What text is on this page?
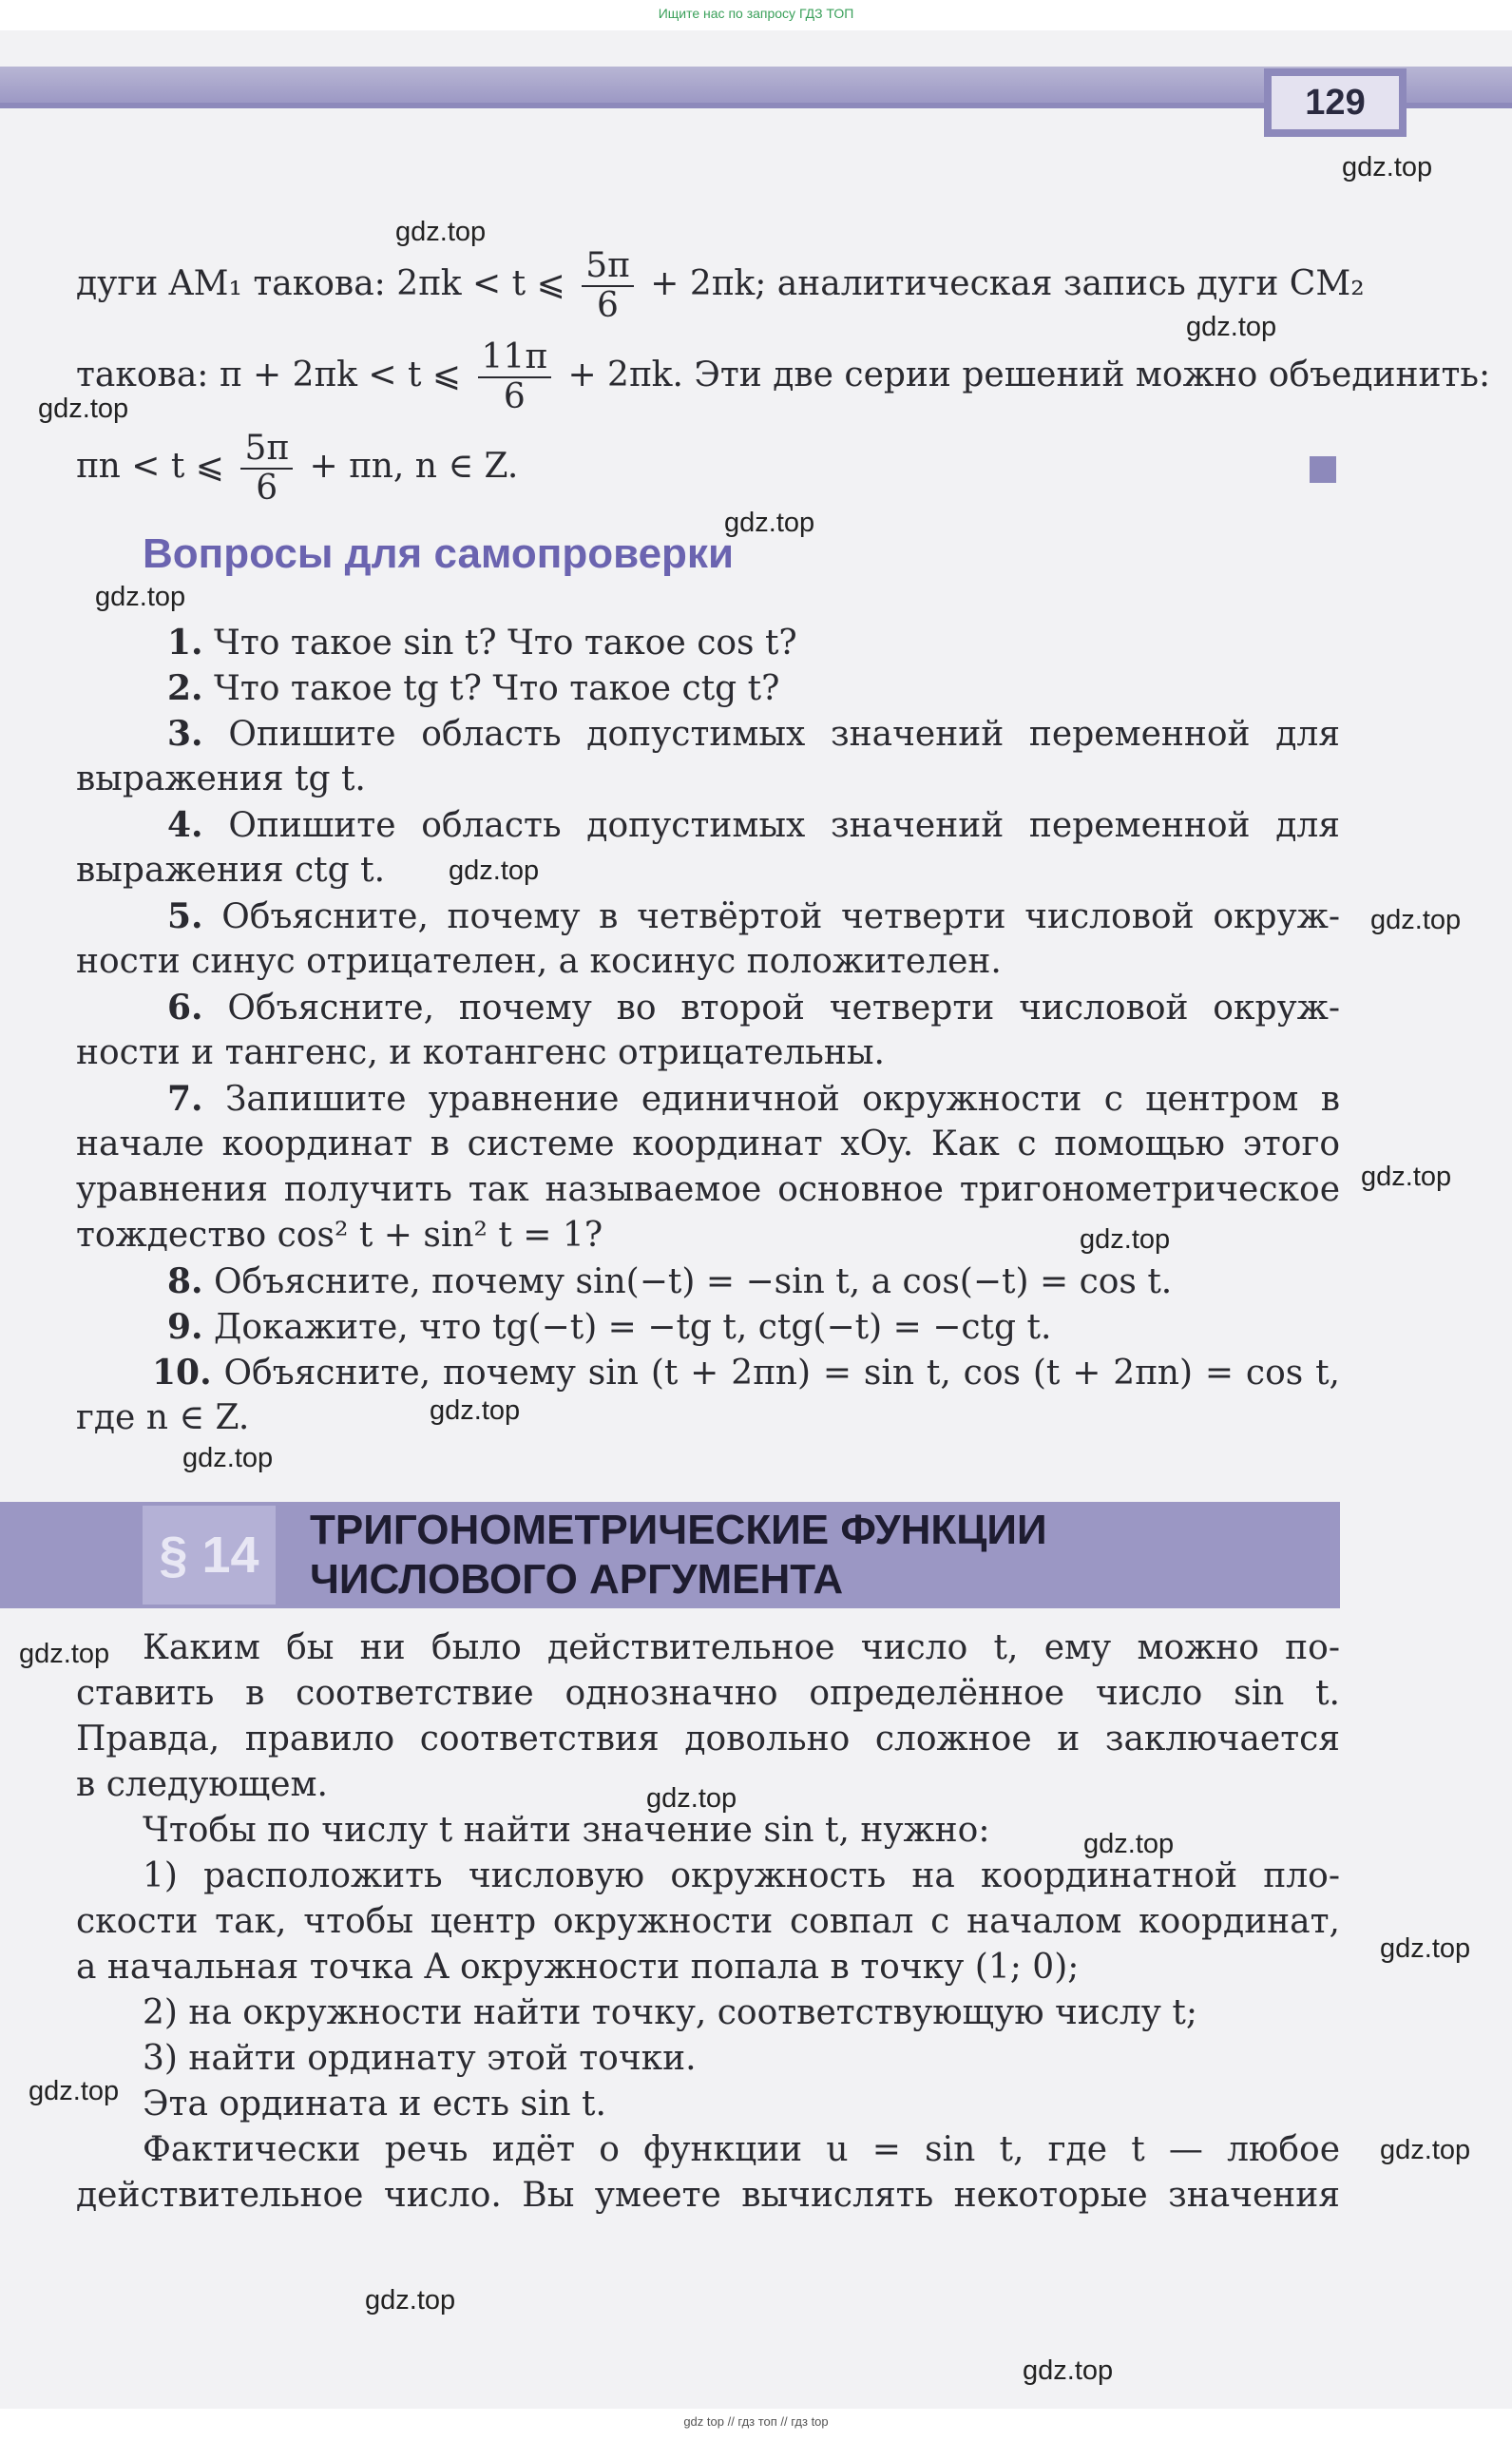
Ищите нас по запросу ГДЗ ТОП
129
дуги AM₁ такова: 2πk < t ⩽ $\frac{5\pi}{6} + 2\pi k$; аналитическая запись дуги CM₂
такова: π + 2πk < t ⩽ $\frac{11\pi}{6} + 2\pi k$. Эти две серии решений можно объединить:
πn < t ⩽ $\frac{5\pi}{6} + \pi n$, n ∈ Z.
Вопросы для самопроверки
1. Что такое sin t? Что такое cos t?
2. Что такое tg t? Что такое ctg t?
3. Опишите область допустимых значений переменной для
выражения tg t.
4. Опишите область допустимых значений переменной для
выражения ctg t.
5. Объясните, почему в четвёртой четверти числовой окруж-
ности синус отрицателен, а косинус положителен.
6. Объясните, почему во второй четверти числовой окруж-
ности и тангенс, и котангенс отрицательны.
7. Запишите уравнение единичной окружности с центром в
начале координат в системе координат xOy. Как с помощью этого
уравнения получить так называемое основное тригонометрическое
тождество cos² t + sin² t = 1?
8. Объясните, почему sin(−t) = −sin t, а cos(−t) = cos t.
9. Докажите, что tg(−t) = −tg t, ctg(−t) = −ctg t.
10. Объясните, почему sin (t + 2πn) = sin t, cos (t + 2πn) = cos t,
где n ∈ Z.
§ 14	ТРИГОНОМЕТРИЧЕСКИЕ ФУНКЦИИ
ЧИСЛОВОГО АРГУМЕНТА
Каким бы ни было действительное число t, ему можно по-
ставить в соответствие однозначно определённое число sin t.
Правда, правило соответствия довольно сложное и заключается
в следующем.
Чтобы по числу t найти значение sin t, нужно:
1) расположить числовую окружность на координатной пло-
скости так, чтобы центр окружности совпал с началом координат,
а начальная точка A окружности попала в точку (1; 0);
2) на окружности найти точку, соответствующую числу t;
3) найти ординату этой точки.
Эта ордината и есть sin t.
Фактически речь идёт о функции u = sin t, где t — любое
действительное число. Вы умеете вычислять некоторые значения
gdz.top
gdz.top
gdz.top
gdz.top
gdz.top
gdz.top
gdz.top
gdz.top
gdz.top
gdz.top
gdz.top
gdz.top
gdz.top
gdz.top
gdz.top
gdz.top
gdz.top
gdz.top
gdz.top
gdz.top
gdz top // гдз топ // гдз top
